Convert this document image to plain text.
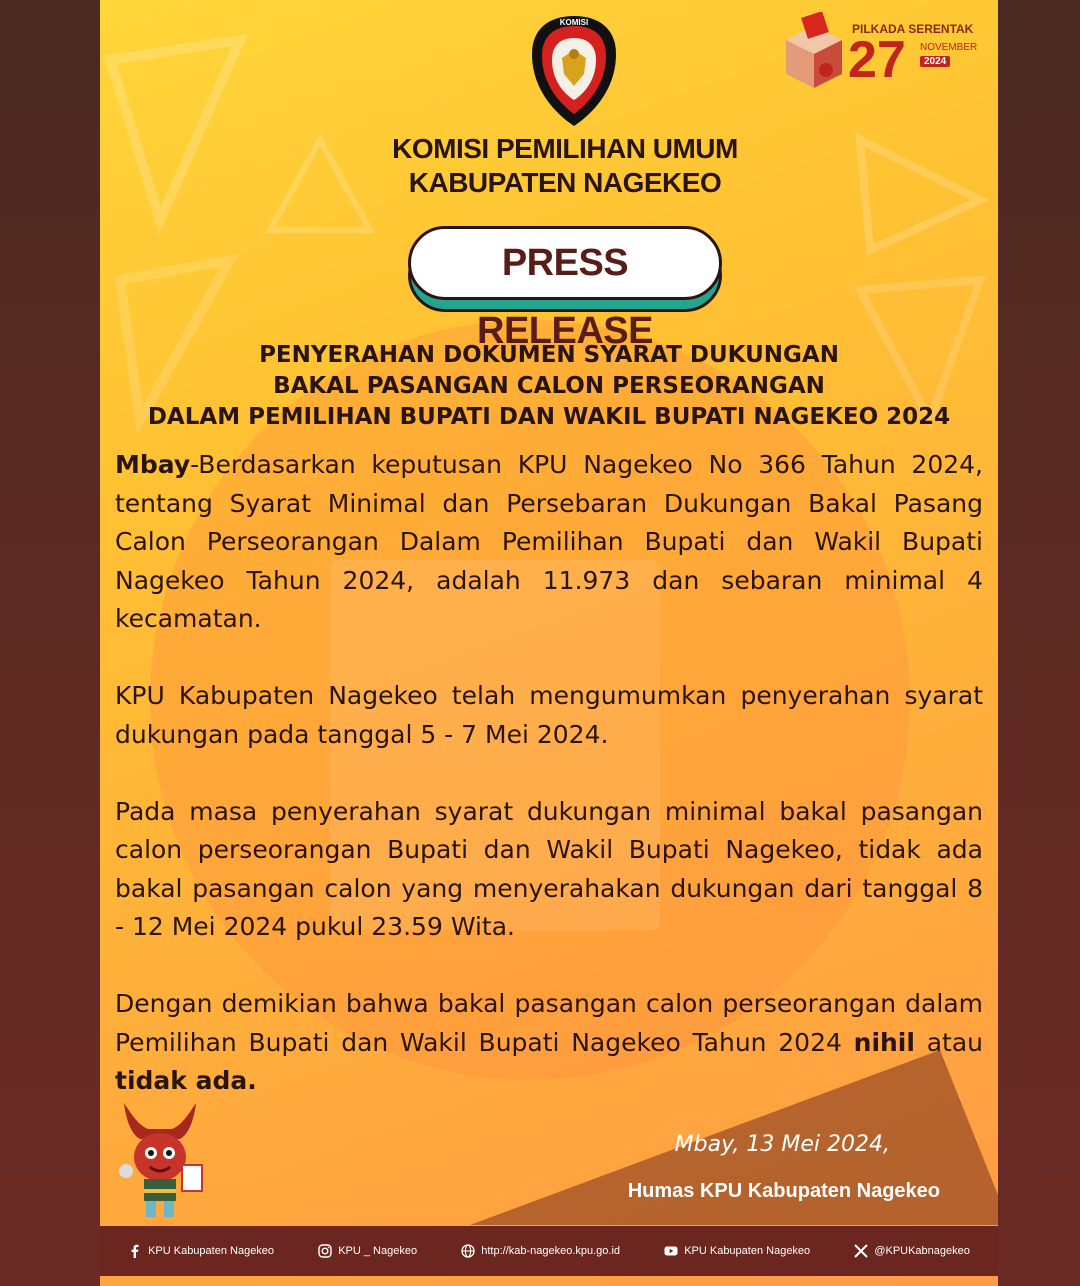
KOMISI
KOMISI PEMILIHAN UMUM
KABUPATEN NAGEKEO
PILKADA SERENTAK
27 NOVEMBER
2024
PRESS RELEASE
PENYERAHAN DOKUMEN SYARAT DUKUNGAN
BAKAL PASANGAN CALON PERSEORANGAN
DALAM PEMILIHAN BUPATI DAN WAKIL BUPATI NAGEKEO 2024

Mbay-Berdasarkan keputusan KPU Nagekeo No 366 Tahun 2024, tentang Syarat Minimal dan Persebaran Dukungan Bakal Pasang Calon Perseorangan Dalam Pemilihan Bupati dan Wakil Bupati Nagekeo Tahun 2024, adalah 11.973 dan sebaran minimal 4 kecamatan.

KPU Kabupaten Nagekeo telah mengumumkan penyerahan syarat dukungan pada tanggal 5 - 7 Mei 2024.

Pada masa penyerahan syarat dukungan minimal bakal pasangan calon perseorangan Bupati dan Wakil Bupati Nagekeo, tidak ada bakal pasangan calon yang menyerahakan dukungan dari tanggal 8 - 12 Mei 2024 pukul 23.59 Wita.

Dengan demikian bahwa bakal pasangan calon perseorangan dalam Pemilihan Bupati dan Wakil Bupati Nagekeo Tahun 2024 nihil atau tidak ada.

Mbay, 13 Mei 2024,
Humas KPU Kabupaten Nagekeo
KPU Kabupaten Nagekeo	KPU _ Nagekeo	http://kab-nagekeo.kpu.go.id	KPU Kabupaten Nagekeo	@KPUKabnagekeo
